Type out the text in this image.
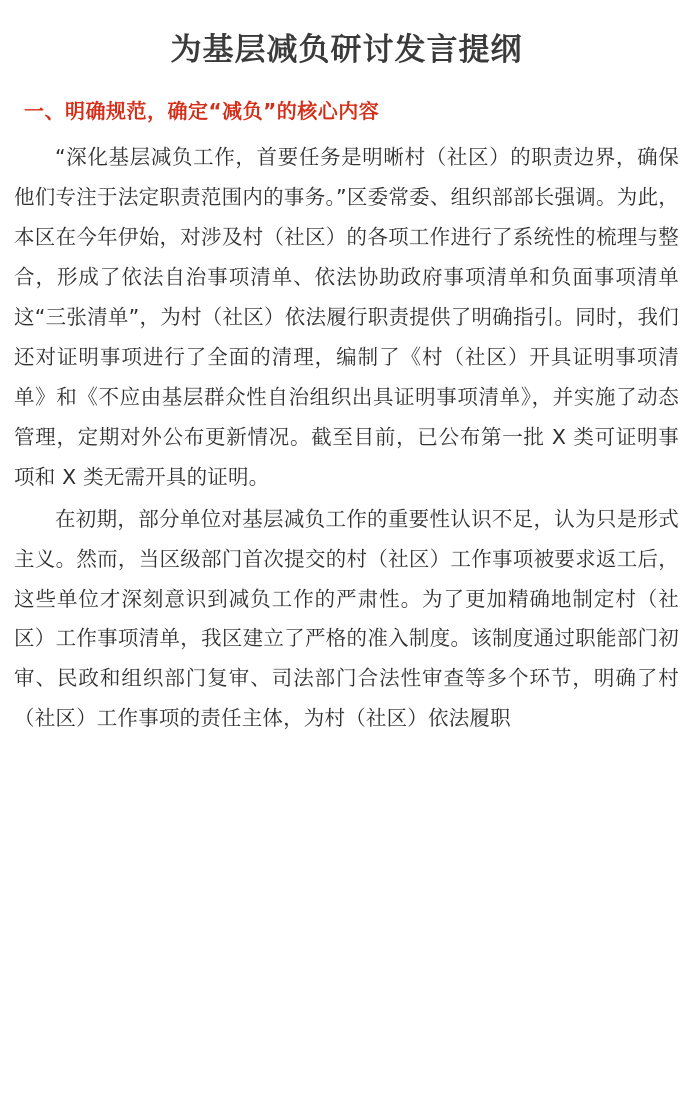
为基层减负研讨发言提纲
一、明确规范，确定“减负”的核心内容

“深化基层减负工作，首要任务是明晰村（社区）的职责边界，确保他们专注于法定职责范围内的事务。”区委常委、组织部部长强调。为此，本区在今年伊始，对涉及村（社区）的各项工作进行了系统性的梳理与整合，形成了依法自治事项清单、依法协助政府事项清单和负面事项清单这“三张清单”，为村（社区）依法履行职责提供了明确指引。同时，我们还对证明事项进行了全面的清理，编制了《村（社区）开具证明事项清单》和《不应由基层群众性自治组织出具证明事项清单》，并实施了动态管理，定期对外公布更新情况。截至目前，已公布第一批 X 类可证明事项和 X 类无需开具的证明。

在初期，部分单位对基层减负工作的重要性认识不足，认为只是形式主义。然而，当区级部门首次提交的村（社区）工作事项被要求返工后，这些单位才深刻意识到减负工作的严肃性。为了更加精确地制定村（社区）工作事项清单，我区建立了严格的准入制度。该制度通过职能部门初审、民政和组织部门复审、司法部门合法性审查等多个环节，明确了村（社区）工作事项的责任主体，为村（社区）依法履职
